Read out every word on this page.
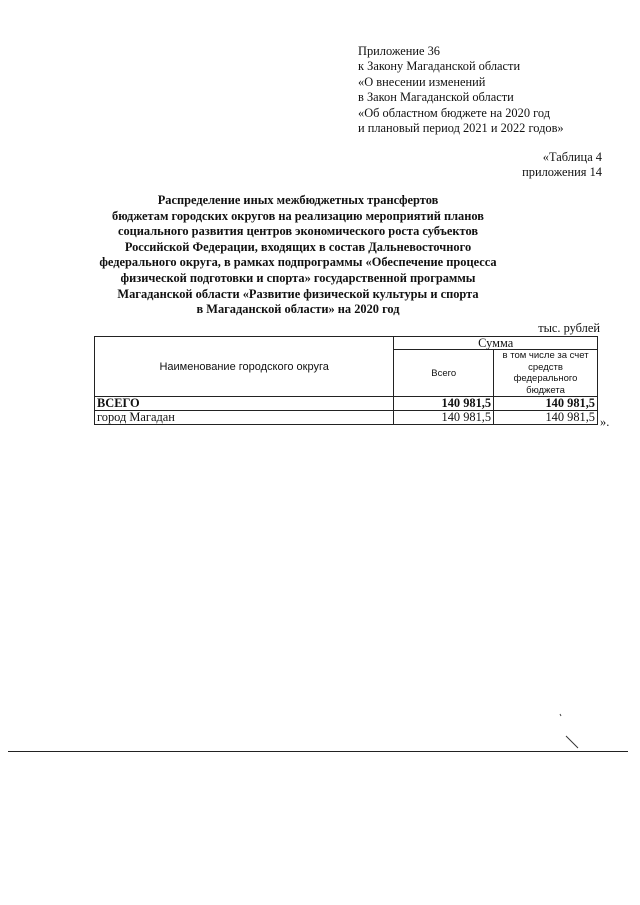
Приложение 36
к Закону Магаданской области
«О внесении изменений
в Закон Магаданской области
«Об областном бюджете на 2020 год
и плановый период 2021 и 2022 годов»
«Таблица 4
приложения 14
Распределение иных межбюджетных трансфертов
бюджетам городских округов на реализацию мероприятий планов
социального развития центров экономического роста субъектов
Российской Федерации, входящих в состав Дальневосточного
федерального округа, в рамках подпрограммы «Обеспечение процесса
физической подготовки и спорта» государственной программы
Магаданской области «Развитие физической культуры и спорта
в Магаданской области» на 2020 год
тыс. рублей
Наименование городского округа	Сумма	
	Всего	в том числе за счет средств федерального бюджета
ВСЕГО	140 981,5	140 981,5
город Магадан	140 981,5	140 981,5 ».
